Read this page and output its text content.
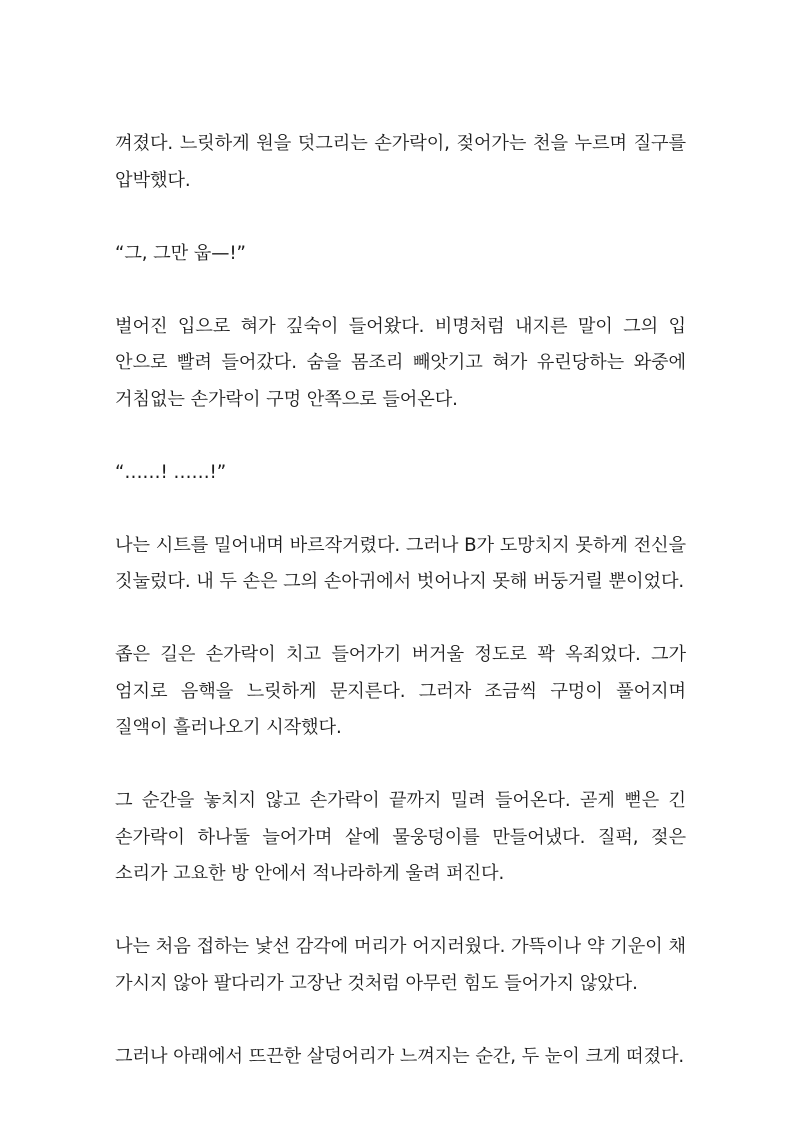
껴졌다. 느릿하게 원을 덧그리는 손가락이, 젖어가는 천을 누르며 질구를 압박했다.

“그, 그만 웁—!”

벌어진 입으로 혀가 깊숙이 들어왔다. 비명처럼 내지른 말이 그의 입 안으로 빨려 들어갔다. 숨을 몸조리 빼앗기고 혀가 유린당하는 와중에 거침없는 손가락이 구멍 안쪽으로 들어온다.

“……! ……!”

나는 시트를 밀어내며 바르작거렸다. 그러나 B가 도망치지 못하게 전신을 짓눌렀다. 내 두 손은 그의 손아귀에서 벗어나지 못해 버둥거릴 뿐이었다.

좁은 길은 손가락이 치고 들어가기 버거울 정도로 꽉 옥죄었다. 그가 엄지로 음핵을 느릿하게 문지른다. 그러자 조금씩 구멍이 풀어지며 질액이 흘러나오기 시작했다.

그 순간을 놓치지 않고 손가락이 끝까지 밀려 들어온다. 곧게 뻗은 긴 손가락이 하나둘 늘어가며 샅에 물웅덩이를 만들어냈다. 질퍽, 젖은 소리가 고요한 방 안에서 적나라하게 울려 퍼진다.

나는 처음 접하는 낯선 감각에 머리가 어지러웠다. 가뜩이나 약 기운이 채 가시지 않아 팔다리가 고장난 것처럼 아무런 힘도 들어가지 않았다.

그러나 아래에서 뜨끈한 살덩어리가 느껴지는 순간, 두 눈이 크게 떠졌다.
